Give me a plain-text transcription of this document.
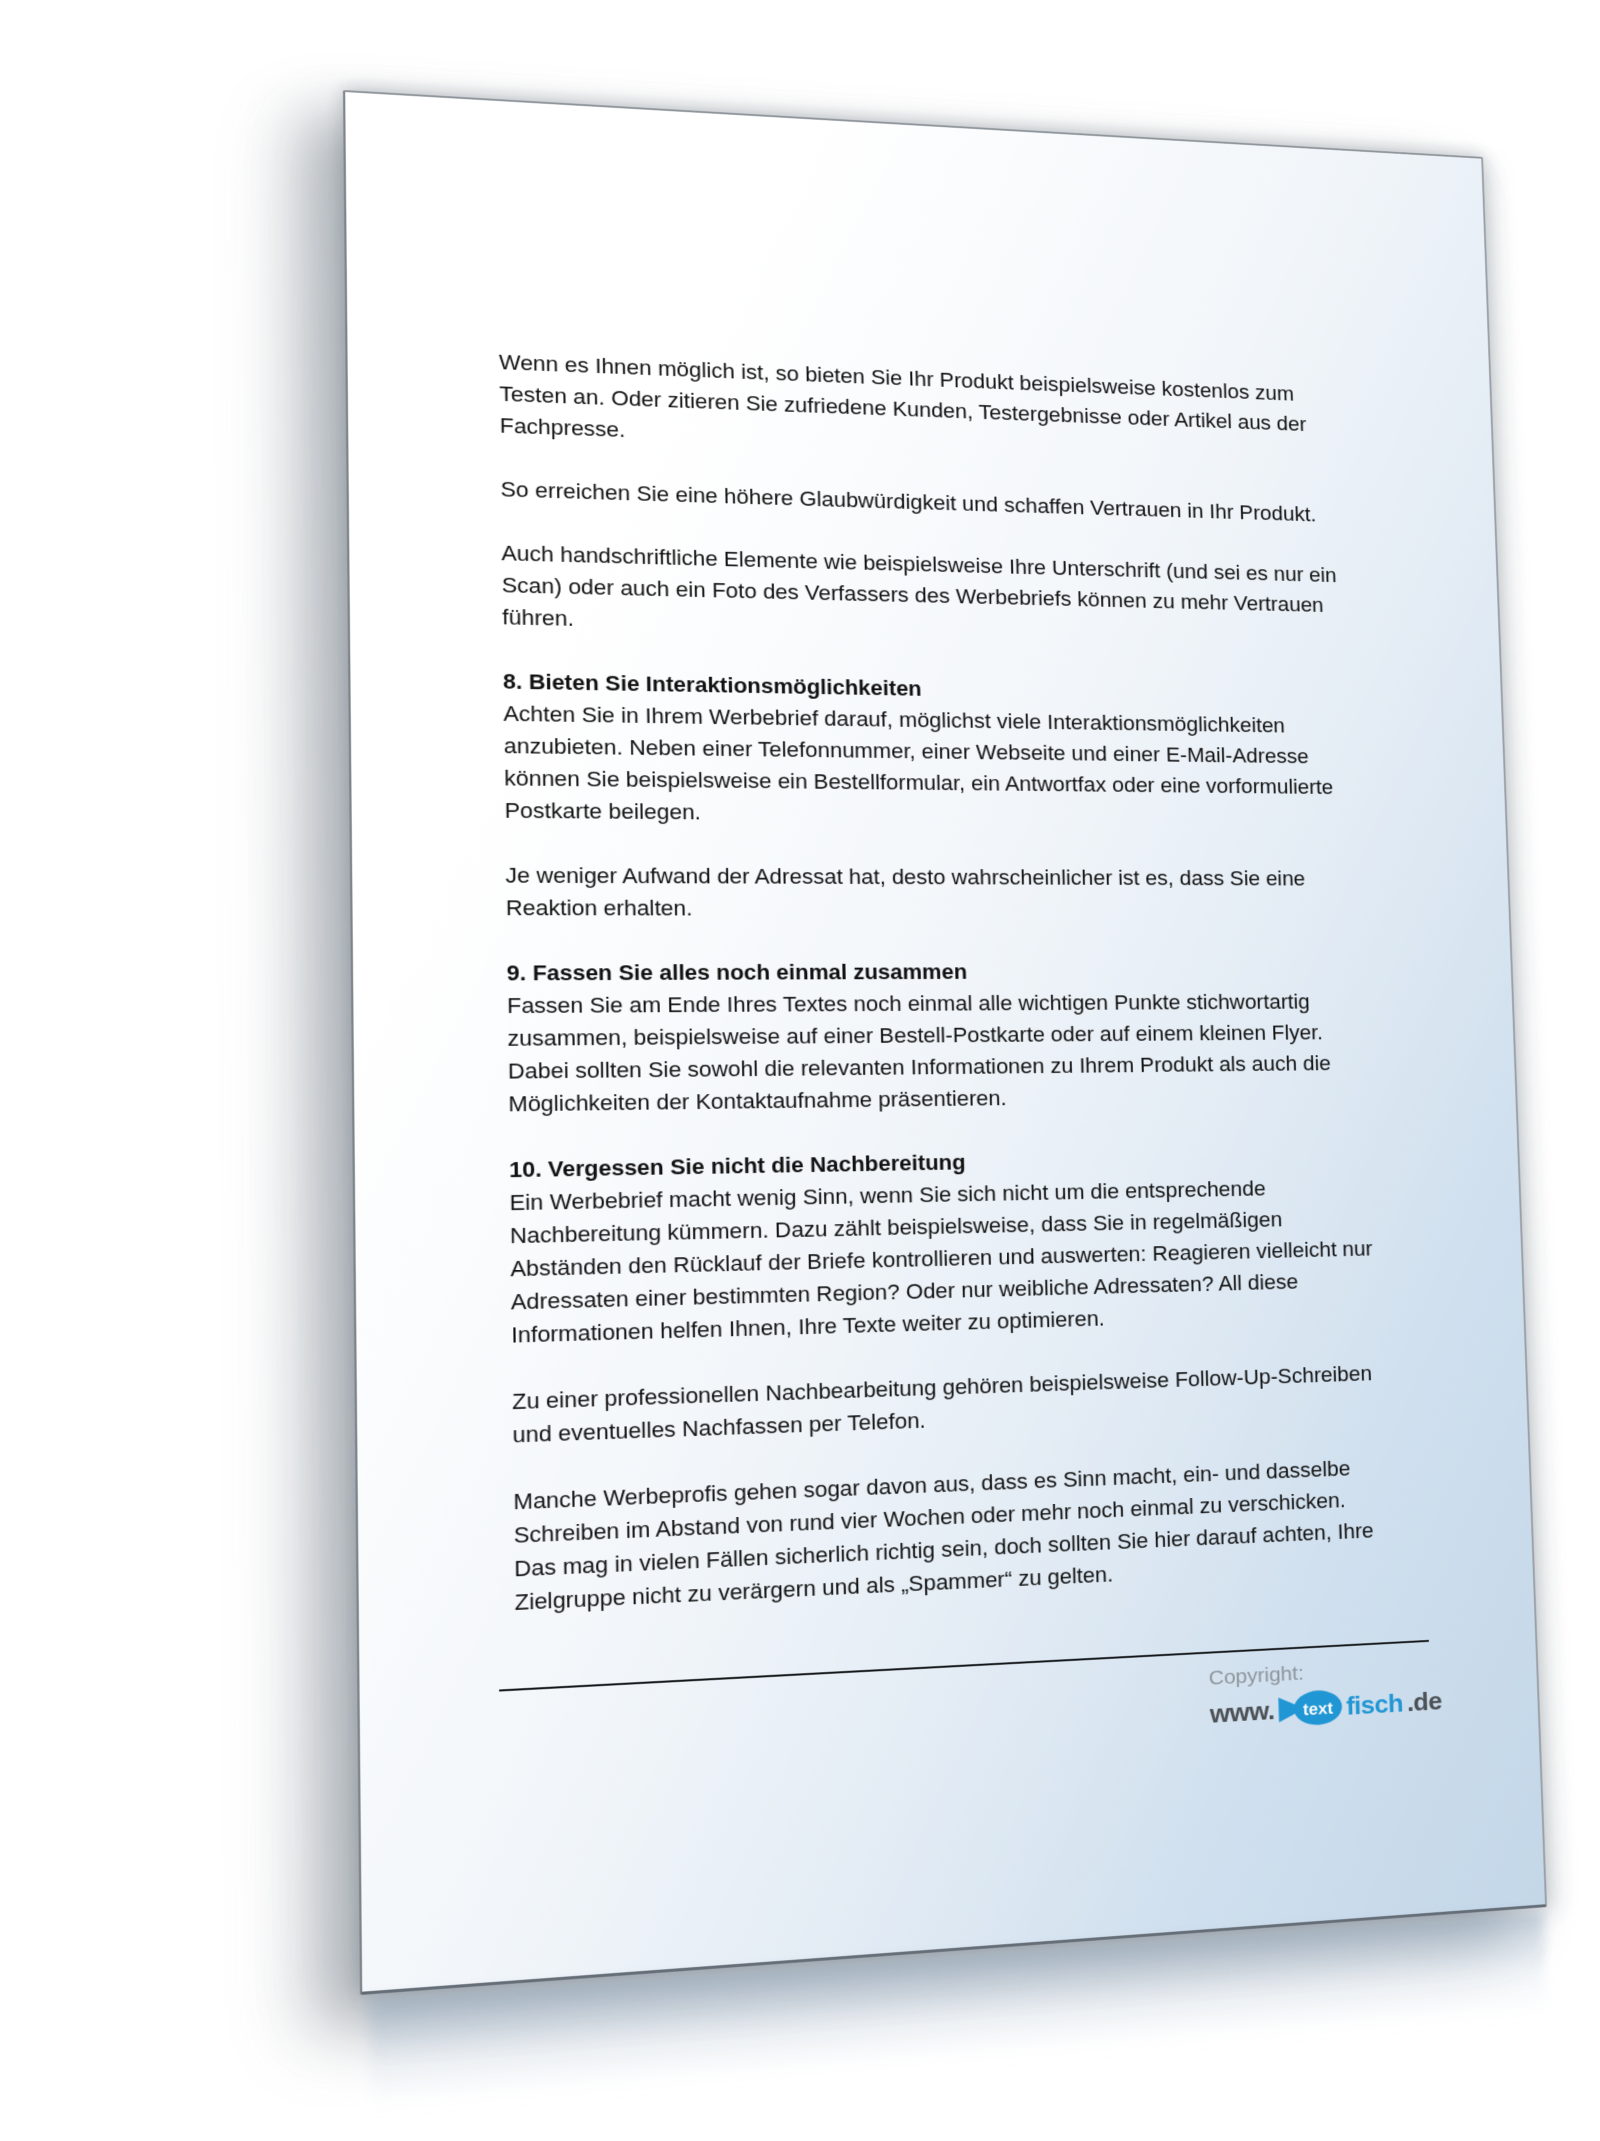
Wenn es Ihnen möglich ist, so bieten Sie Ihr Produkt beispielsweise kostenlos zum
Testen an. Oder zitieren Sie zufriedene Kunden, Testergebnisse oder Artikel aus der
Fachpresse.
So erreichen Sie eine höhere Glaubwürdigkeit und schaffen Vertrauen in Ihr Produkt.
Auch handschriftliche Elemente wie beispielsweise Ihre Unterschrift (und sei es nur ein
Scan) oder auch ein Foto des Verfassers des Werbebriefs können zu mehr Vertrauen
führen.
8. Bieten Sie Interaktionsmöglichkeiten
Achten Sie in Ihrem Werbebrief darauf, möglichst viele Interaktionsmöglichkeiten
anzubieten. Neben einer Telefonnummer, einer Webseite und einer E-Mail-Adresse
können Sie beispielsweise ein Bestellformular, ein Antwortfax oder eine vorformulierte
Postkarte beilegen.
Je weniger Aufwand der Adressat hat, desto wahrscheinlicher ist es, dass Sie eine
Reaktion erhalten.
9. Fassen Sie alles noch einmal zusammen
Fassen Sie am Ende Ihres Textes noch einmal alle wichtigen Punkte stichwortartig
zusammen, beispielsweise auf einer Bestell-Postkarte oder auf einem kleinen Flyer.
Dabei sollten Sie sowohl die relevanten Informationen zu Ihrem Produkt als auch die
Möglichkeiten der Kontaktaufnahme präsentieren.
10. Vergessen Sie nicht die Nachbereitung
Ein Werbebrief macht wenig Sinn, wenn Sie sich nicht um die entsprechende
Nachbereitung kümmern. Dazu zählt beispielsweise, dass Sie in regelmäßigen
Abständen den Rücklauf der Briefe kontrollieren und auswerten: Reagieren vielleicht nur
Adressaten einer bestimmten Region? Oder nur weibliche Adressaten? All diese
Informationen helfen Ihnen, Ihre Texte weiter zu optimieren.
Zu einer professionellen Nachbearbeitung gehören beispielsweise Follow-Up-Schreiben
und eventuelles Nachfassen per Telefon.
Manche Werbeprofis gehen sogar davon aus, dass es Sinn macht, ein- und dasselbe
Schreiben im Abstand von rund vier Wochen oder mehr noch einmal zu verschicken.
Das mag in vielen Fällen sicherlich richtig sein, doch sollten Sie hier darauf achten, Ihre
Zielgruppe nicht zu verärgern und als „Spammer“ zu gelten.
Copyright:
www. text fisch .de
